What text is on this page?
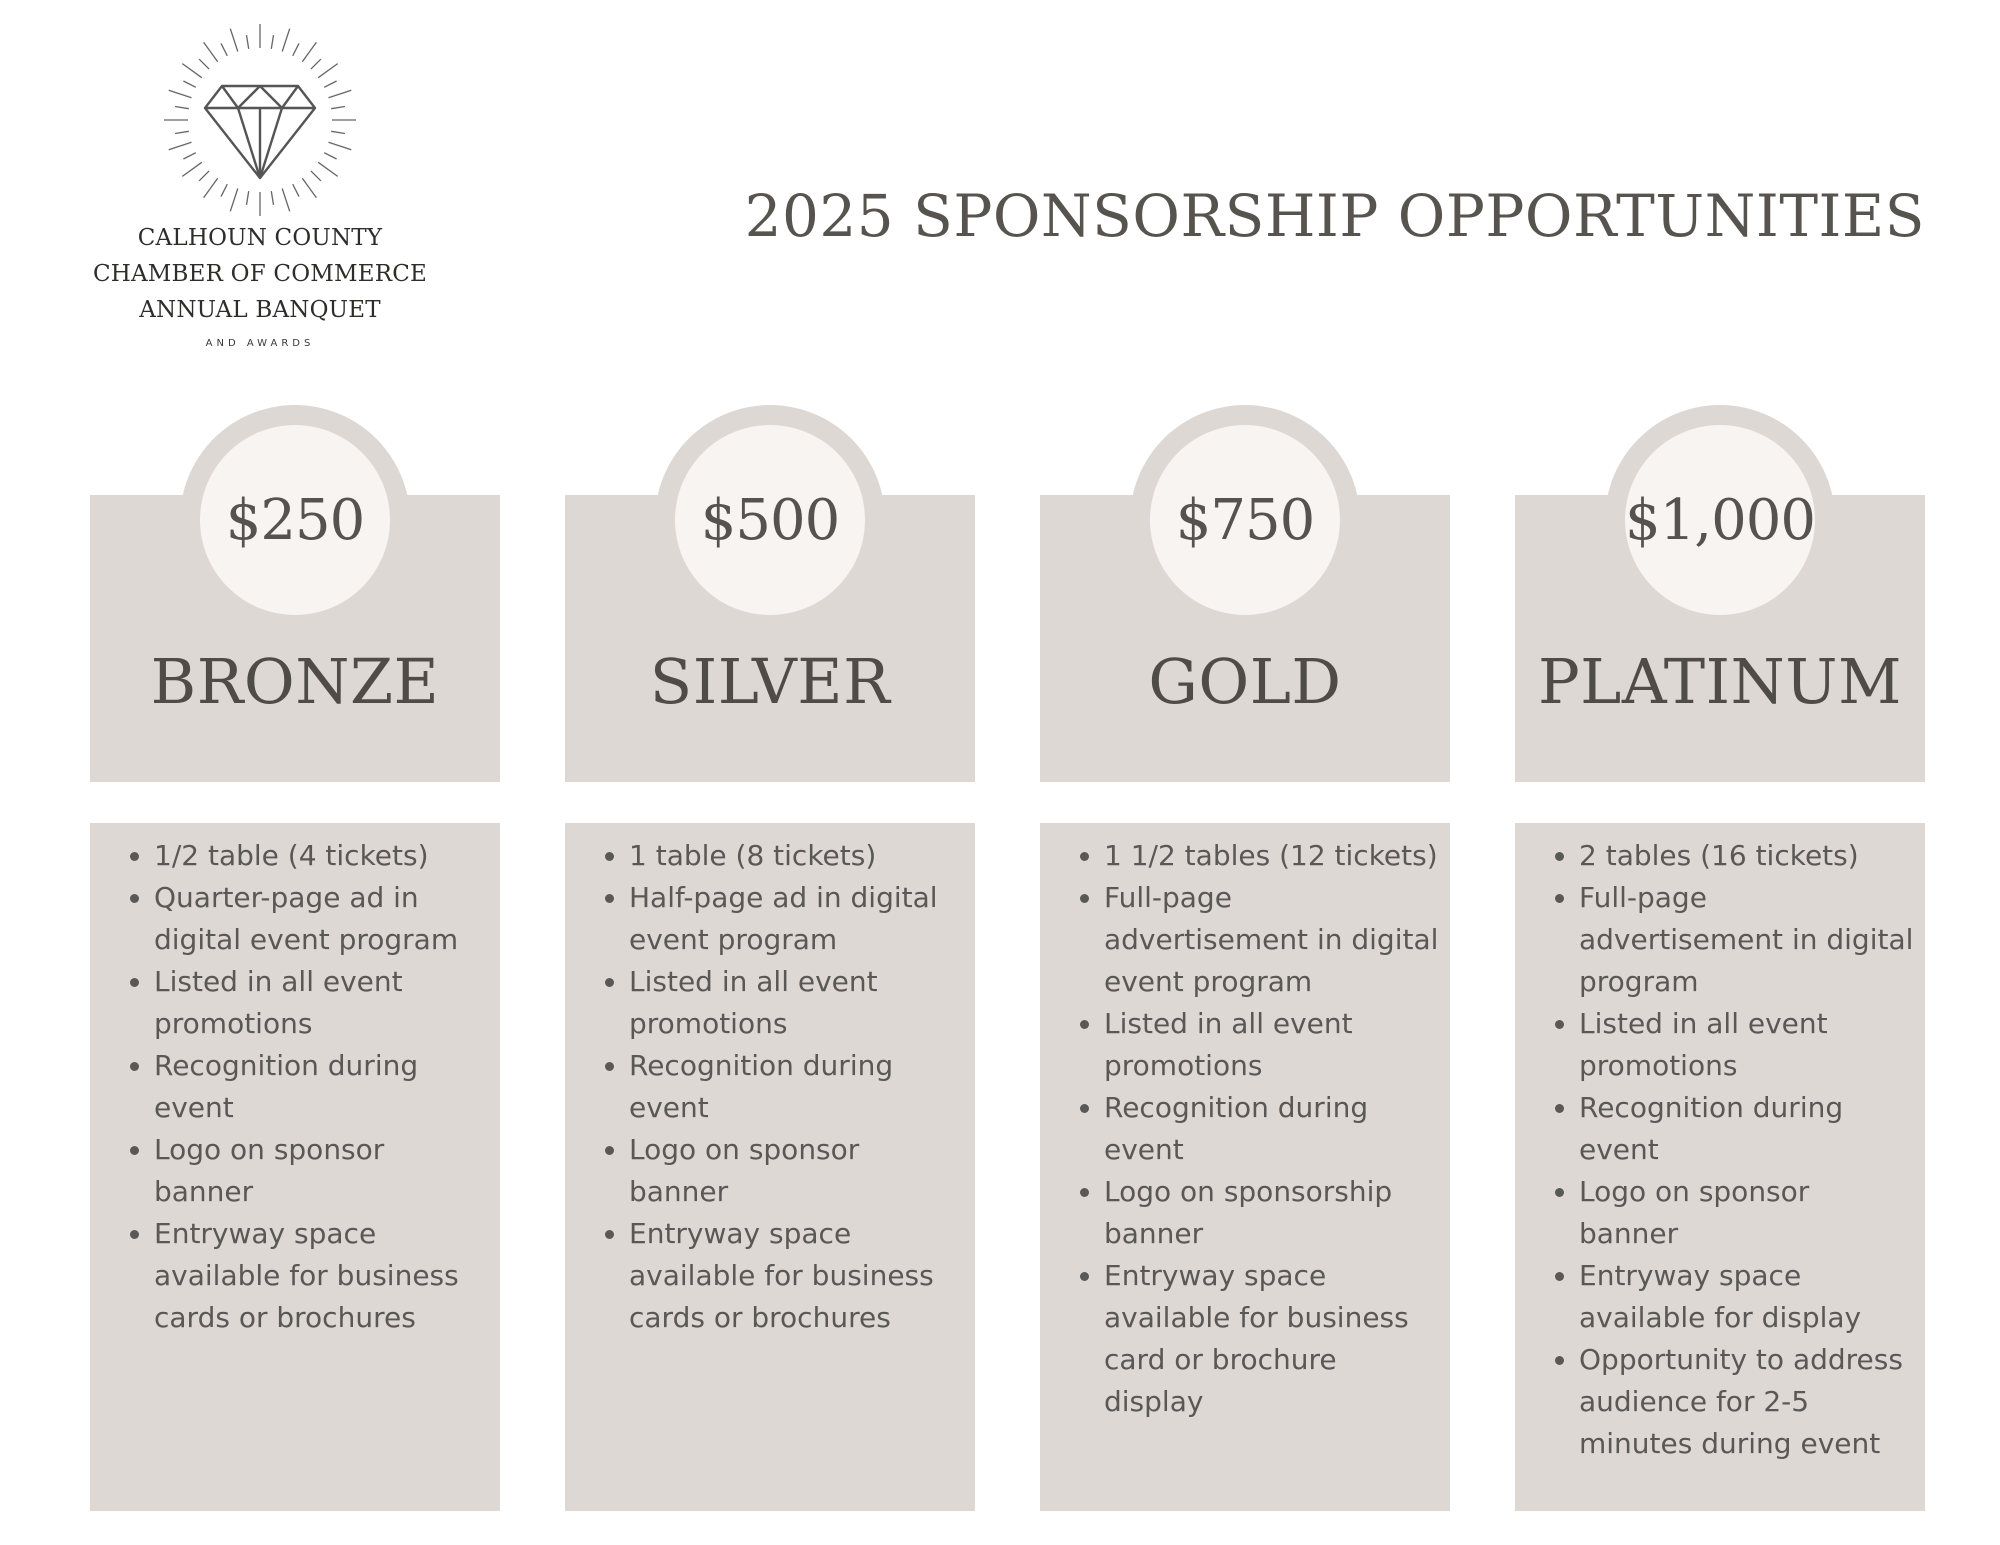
CALHOUN COUNTY
CHAMBER OF COMMERCE
ANNUAL BANQUET
AND AWARDS
2025 SPONSORSHIP OPPORTUNITIES
$250
BRONZE
• 1/2 table (4 tickets)
• Quarter-page ad in digital event program
• Listed in all event promotions
• Recognition during event
• Logo on sponsor banner
• Entryway space available for business cards or brochures
$500
SILVER
• 1 table (8 tickets)
• Half-page ad in digital event program
• Listed in all event promotions
• Recognition during event
• Logo on sponsor banner
• Entryway space available for business cards or brochures
$750
GOLD
• 1 1/2 tables (12 tickets)
• Full-page advertisement in digital event program
• Listed in all event promotions
• Recognition during event
• Logo on sponsorship banner
• Entryway space available for business card or brochure display
$1,000
PLATINUM
• 2 tables (16 tickets)
• Full-page advertisement in digital program
• Listed in all event promotions
• Recognition during event
• Logo on sponsor banner
• Entryway space available for display
• Opportunity to address audience for 2-5 minutes during event
